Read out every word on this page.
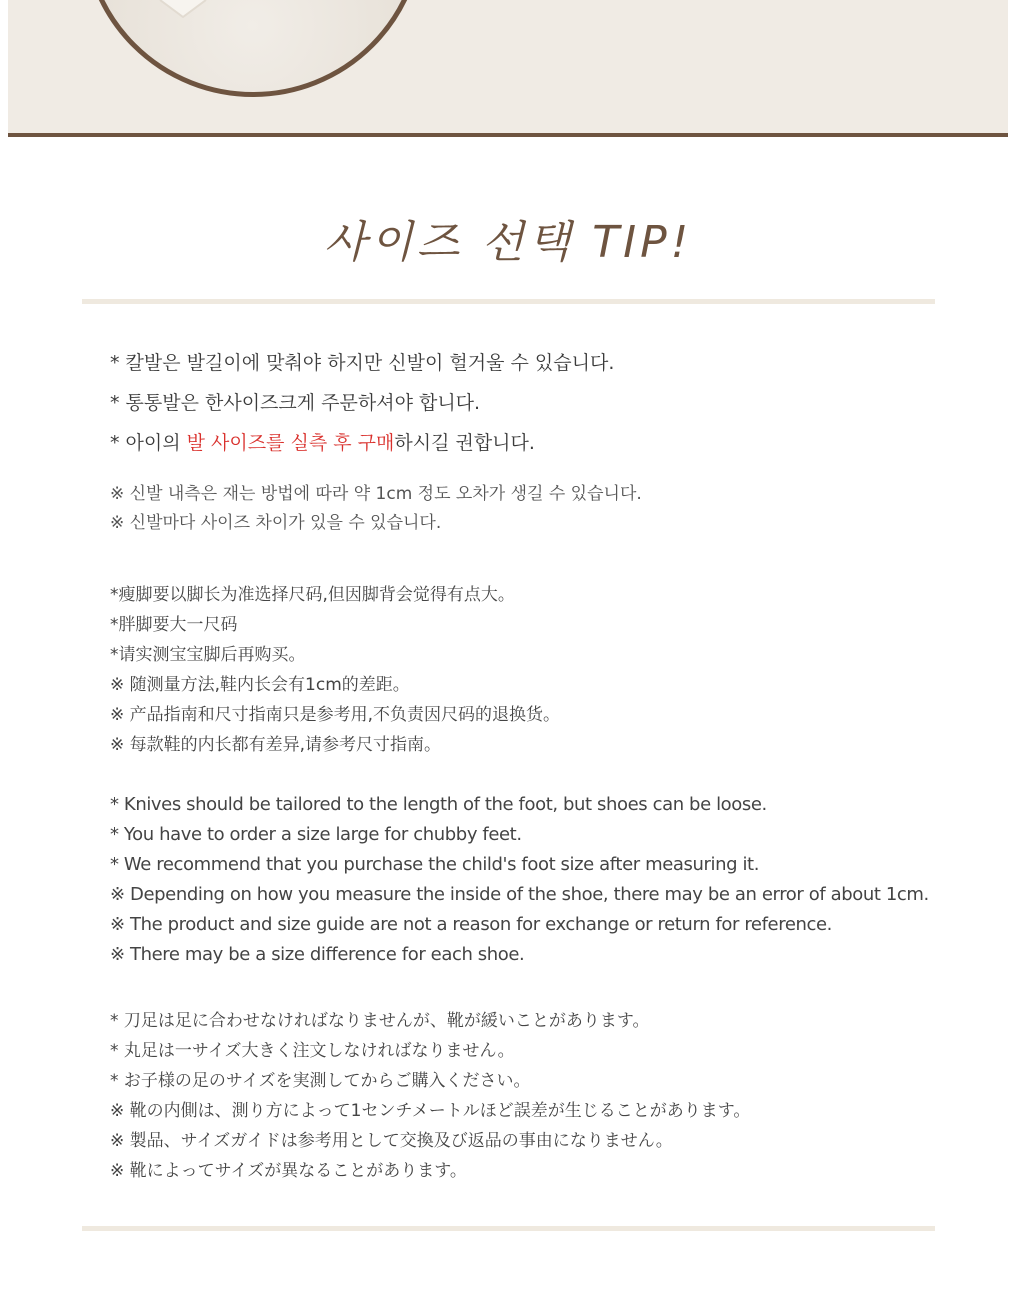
사이즈 선택 TIP!
* 칼발은 발길이에 맞춰야 하지만 신발이 헐거울 수 있습니다.
* 통통발은 한사이즈크게 주문하셔야 합니다.
* 아이의 발 사이즈를 실측 후 구매하시길 권합니다.
※ 신발 내측은 재는 방법에 따라 약 1cm 정도 오차가 생길 수 있습니다.
※ 신발마다 사이즈 차이가 있을 수 있습니다.
*瘦脚要以脚长为准选择尺码,但因脚背会觉得有点大。
*胖脚要大一尺码
*请实测宝宝脚后再购买。
※ 随测量方法,鞋内长会有1cm的差距。
※ 产品指南和尺寸指南只是参考用,不负责因尺码的退换货。
※ 每款鞋的内长都有差异,请参考尺寸指南。
* Knives should be tailored to the length of the foot, but shoes can be loose.
* You have to order a size large for chubby feet.
* We recommend that you purchase the child's foot size after measuring it.
※ Depending on how you measure the inside of the shoe, there may be an error of about 1cm.
※ The product and size guide are not a reason for exchange or return for reference.
※ There may be a size difference for each shoe.
* 刀足は足に合わせなければなりませんが、靴が緩いことがあります。
* 丸足は一サイズ大きく注文しなければなりません。
* お子様の足のサイズを実測してからご購入ください。
※ 靴の内側は、測り方によって1センチメートルほど誤差が生じることがあります。
※ 製品、サイズガイドは参考用として交換及び返品の事由になりません。
※ 靴によってサイズが異なることがあります。
